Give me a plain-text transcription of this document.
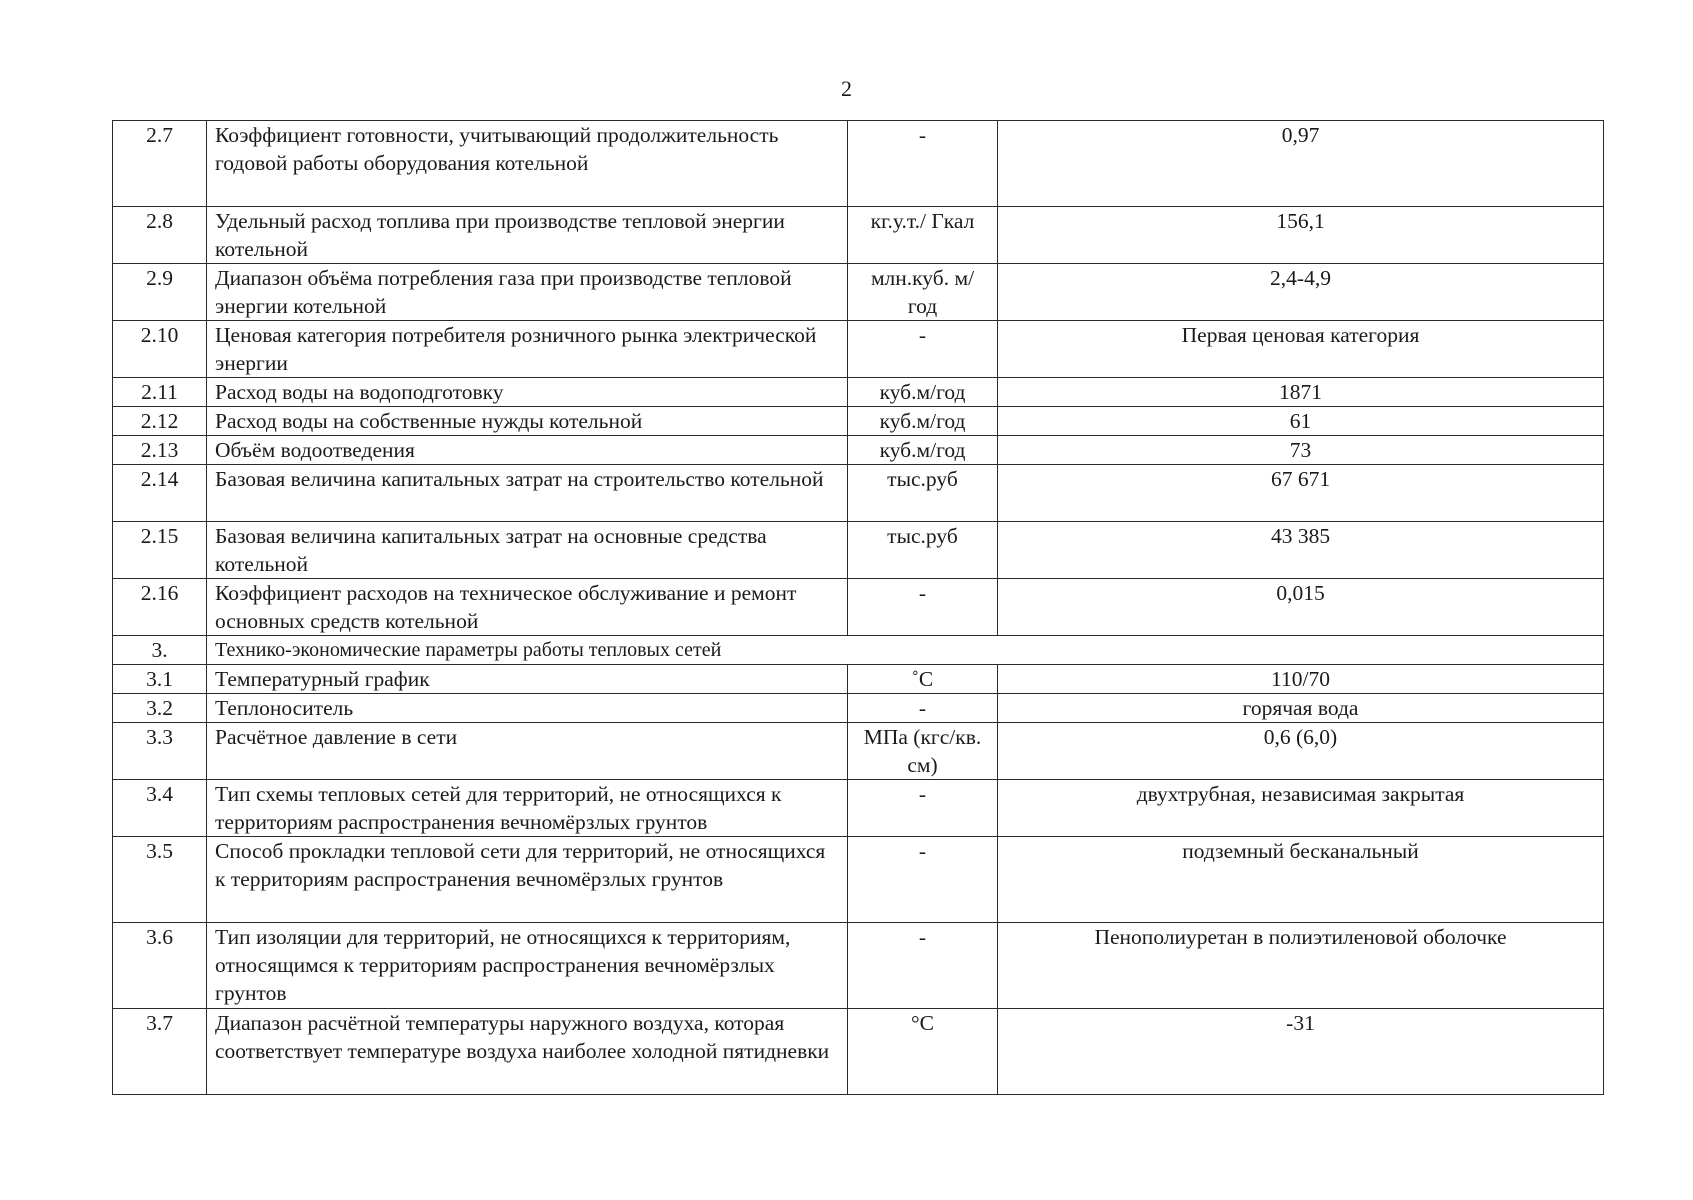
2
2.7	Коэффициент готовности, учитывающий продолжительность годовой работы оборудования котельной	-	0,97
2.8	Удельный расход топлива при производстве тепловой энергии котельной	кг.у.т./ Гкал	156,1
2.9	Диапазон объёма потребления газа при производстве тепловой энергии котельной	млн.куб. м/ год	2,4-4,9
2.10	Ценовая категория потребителя розничного рынка электрической энергии	-	Первая ценовая категория
2.11	Расход воды на водоподготовку	куб.м/год	1871
2.12	Расход воды на собственные нужды котельной	куб.м/год	61
2.13	Объём водоотведения	куб.м/год	73
2.14	Базовая величина капитальных затрат на строительство котельной	тыс.руб	67 671
2.15	Базовая величина капитальных затрат на основные средства котельной	тыс.руб	43 385
2.16	Коэффициент расходов на техническое обслуживание и ремонт основных средств котельной	-	0,015
3.	Технико-экономические параметры работы тепловых сетей		
3.1	Температурный график	˚С	110/70
3.2	Теплоноситель	-	горячая вода
3.3	Расчётное давление в сети	МПа (кгс/кв. см)	0,6 (6,0)
3.4	Тип схемы тепловых сетей для территорий, не относящихся к территориям распространения вечномёрзлых грунтов	-	двухтрубная, независимая закрытая
3.5	Способ прокладки тепловой сети для территорий, не относящихся к территориям распространения вечномёрзлых грунтов	-	подземный бесканальный
3.6	Тип изоляции для территорий, не относящихся к территориям, относящимся к территориям распространения вечномёрзлых грунтов	-	Пенополиуретан в полиэтиленовой оболочке
3.7	Диапазон расчётной температуры наружного воздуха, которая соответствует температуре воздуха наиболее холодной пятидневки	°С	-31
